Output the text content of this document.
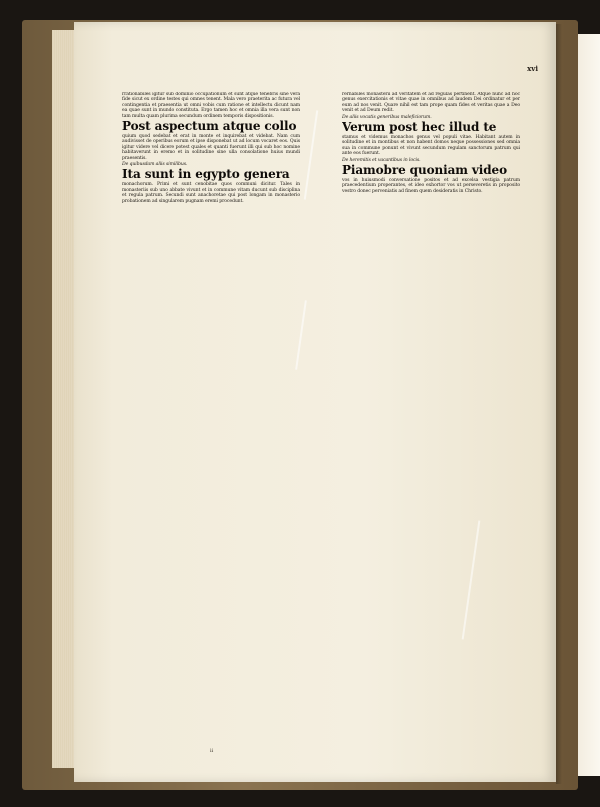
xvi

rrationabiles igitur sub dominio occupationum et sunt atque tenebris sine vera fide sicut ex ordine testes qui omnes tenent. Mala vero praeterita ac futura vel contingentia et praesentia ut omni vobis cum ratione et intellectu dicunt nam ea quae sunt in mundo constituta. Ergo tamen hoc et omnia illa vera sunt non tam multa quam plurima secundum ordinem temporis dispositionis.

Post aspectum atque collo

quium quod sedebat et erat in monte et inquirebat et videbat. Nam cum audivisset de operibus eorum et ipse disponebat ut ad locum vocaret eos. Quis igitur videre vel dicere potest quales et quanti fuerunt illi qui sub hoc nomine habitaverunt in eremo et in solitudine sine ulla consolatione huius mundi praesentis.

De quibusdam aliis similibus.
Ita sunt in egypto genera

monachorum. Primi et sunt cenobitae quos communi dicitur. Tales in monasteriis sub uno abbate vivunt et in commune vitam ducunt sub disciplina et regula patrum. Secundi sunt anachoretae qui post longam in monasterio probationem ad singularem pugnam eremi procedunt.

rernabiles monasterii ad veritatem et ad regulas pertinent. Atque nunc ad hoc genus exercitationis et vitae quae in omnibus ad laudem Dei ordinatur et per eum ad nos venit. Quare nihil est tam prope quam fides et veritas quae a Deo venit et ad Deum redit.

De aliis vocatis generibus maleficiorum.
Verum post hec illud te

stamus et videmus monachos genus vel populi vitae. Habitant autem in solitudine et in montibus et non habent domos neque possessiones sed omnia sua in commune ponunt et vivunt secundum regulam sanctorum patrum qui ante eos fuerunt.

De heremitis et vacantibus in locis.
Piamobre quoniam video

vos in huiusmodi conversatione positos et ad excelsa vestigia patrum praecedentium properantes, et ideo exhortor vos ut perseveretis in proposito vestro donec perveniatis ad finem quem desideratis in Christo.

ii
